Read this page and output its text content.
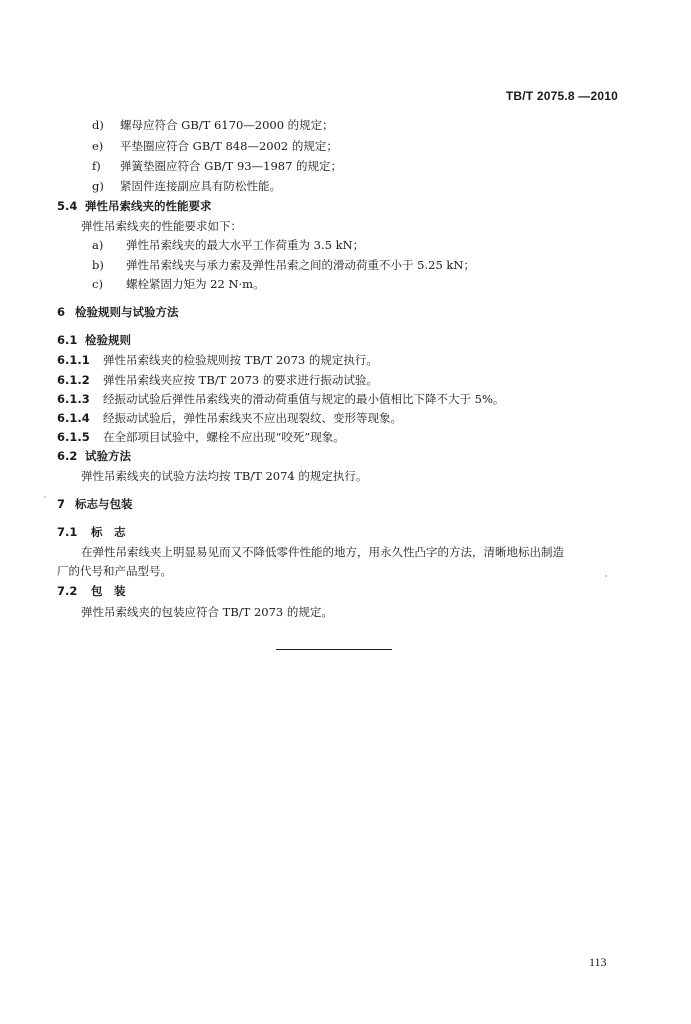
TB/T 2075.8 —2010
d) 螺母应符合 GB/T 6170—2000 的规定；
e) 平垫圈应符合 GB/T 848—2002 的规定；
f) 弹簧垫圈应符合 GB/T 93—1987 的规定；
g) 紧固件连接副应具有防松性能。
5.4 弹性吊索线夹的性能要求
弹性吊索线夹的性能要求如下：
a) 弹性吊索线夹的最大水平工作荷重为 3.5 kN；
b) 弹性吊索线夹与承力索及弹性吊索之间的滑动荷重不小于 5.25 kN；
c) 螺栓紧固力矩为 22 N·m。
6 检验规则与试验方法
6.1 检验规则
6.1.1 弹性吊索线夹的检验规则按 TB/T 2073 的规定执行。
6.1.2 弹性吊索线夹应按 TB/T 2073 的要求进行振动试验。
6.1.3 经振动试验后弹性吊索线夹的滑动荷重值与规定的最小值相比下降不大于 5%。
6.1.4 经振动试验后，弹性吊索线夹不应出现裂纹、变形等现象。
6.1.5 在全部项目试验中，螺栓不应出现“咬死”现象。
6.2 试验方法
弹性吊索线夹的试验方法均按 TB/T 2074 的规定执行。
7 标志与包装
7.1 标　志
在弹性吊索线夹上明显易见而又不降低零件性能的地方，用永久性凸字的方法，清晰地标出制造
厂的代号和产品型号。
7.2 包　装
弹性吊索线夹的包装应符合 TB/T 2073 的规定。
113
